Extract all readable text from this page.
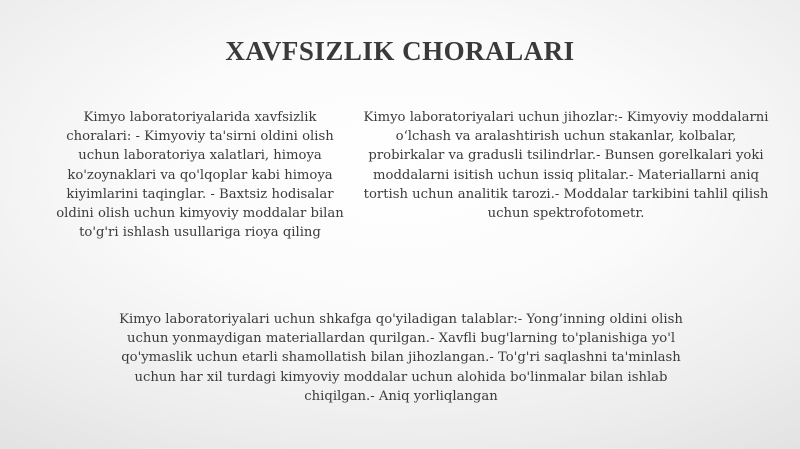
XAVFSIZLIK CHORALARI
Kimyo laboratoriyalarida xavfsizlik choralari: - Kimyoviy ta'sirni oldini olish uchun laboratoriya xalatlari, himoya ko'zoynaklari va qo'lqoplar kabi himoya kiyimlarini taqinglar. - Baxtsiz hodisalar oldini olish uchun kimyoviy moddalar bilan to'g'ri ishlash usullariga rioya qiling
Kimyo laboratoriyalari uchun jihozlar:- Kimyoviy moddalarni o‘lchash va aralashtirish uchun stakanlar, kolbalar, probirkalar va gradusli tsilindrlar.- Bunsen gorelkalari yoki moddalarni isitish uchun issiq plitalar.- Materiallarni aniq tortish uchun analitik tarozi.- Moddalar tarkibini tahlil qilish uchun spektrofotometr.
Kimyo laboratoriyalari uchun shkafga qo'yiladigan talablar:- Yong’inning oldini olish uchun yonmaydigan materiallardan qurilgan.- Xavfli bug'larning to'planishiga yo'l qo'ymaslik uchun etarli shamollatish bilan jihozlangan.- To'g'ri saqlashni ta'minlash uchun har xil turdagi kimyoviy moddalar uchun alohida bo'linmalar bilan ishlab chiqilgan.- Aniq yorliqlangan
